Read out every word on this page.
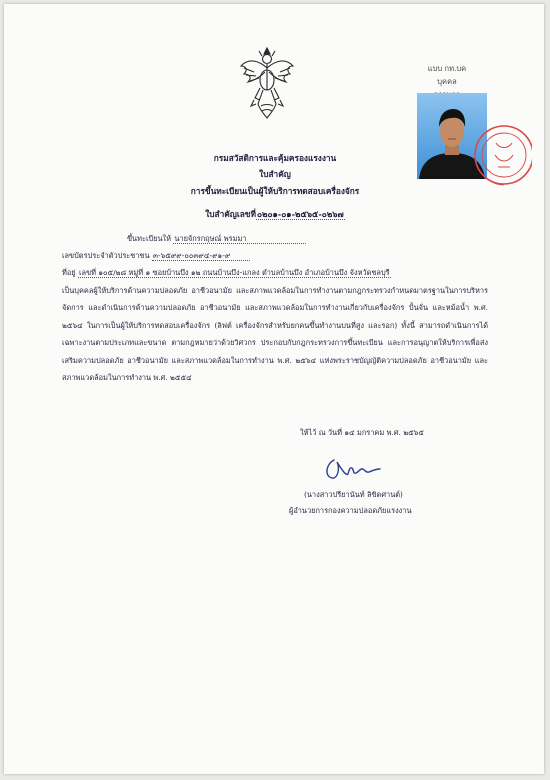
แบบ กท.บค
บุคคล
กรมสวัสดิการและคุ้มครองแรงงาน
ใบสำคัญ
การขึ้นทะเบียนเป็นผู้ให้บริการทดสอบเครื่องจักร
ใบสำคัญเลขที่๐๒๐๑-๐๑-๒๕๖๕-๐๒๖๗
ขึ้นทะเบียนให้ นายจักรกฤษณ์ พรมมา
เลขบัตรประจำตัวประชาชน ๓-๖๕๙๙-๐๐๓๙๔-๙๑-๙
ที่อยู่ เลขที่ ๑๐๕/๒๘ หมู่ที่ ๑ ซอยบ้านบึง ๑๒ ถนนบ้านบึง-แกลง ตำบลบ้านบึง อำเภอบ้านบึง จังหวัดชลบุรี
เป็นบุคคลผู้ให้บริการด้านความปลอดภัย อาชีวอนามัย และสภาพแวดล้อมในการทำงานตามกฎกระทรวงกำหนดมาตรฐานในการบริหาร จัดการ และดำเนินการด้านความปลอดภัย อาชีวอนามัย และสภาพแวดล้อมในการทำงานเกี่ยวกับเครื่องจักร ปั้นจั่น และหม้อน้ำ พ.ศ. ๒๕๖๔ ในการเป็นผู้ให้บริการทดสอบเครื่องจักร (ลิฟต์ เครื่องจักรสำหรับยกคนขึ้นทำงานบนที่สูง และรอก) ทั้งนี้ สามารถดำเนินการได้เฉพาะงานตามประเภทและขนาด ตามกฎหมายว่าด้วยวิศวกร ประกอบกับกฎกระทรวงการขึ้นทะเบียน และการอนุญาตให้บริการเพื่อส่งเสริมความปลอดภัย อาชีวอนามัย และสภาพแวดล้อมในการทำงาน พ.ศ. ๒๕๖๔ แห่งพระราชบัญญัติความปลอดภัย อาชีวอนามัย และสภาพแวดล้อมในการทำงาน พ.ศ. ๒๕๕๔
ให้ไว้ ณ วันที่ ๑๔ มกราคม พ.ศ. ๒๕๖๕
(นางสาวปรียานันท์ ลิขิตศานต์)
ผู้อำนวยการกองความปลอดภัยแรงงาน
